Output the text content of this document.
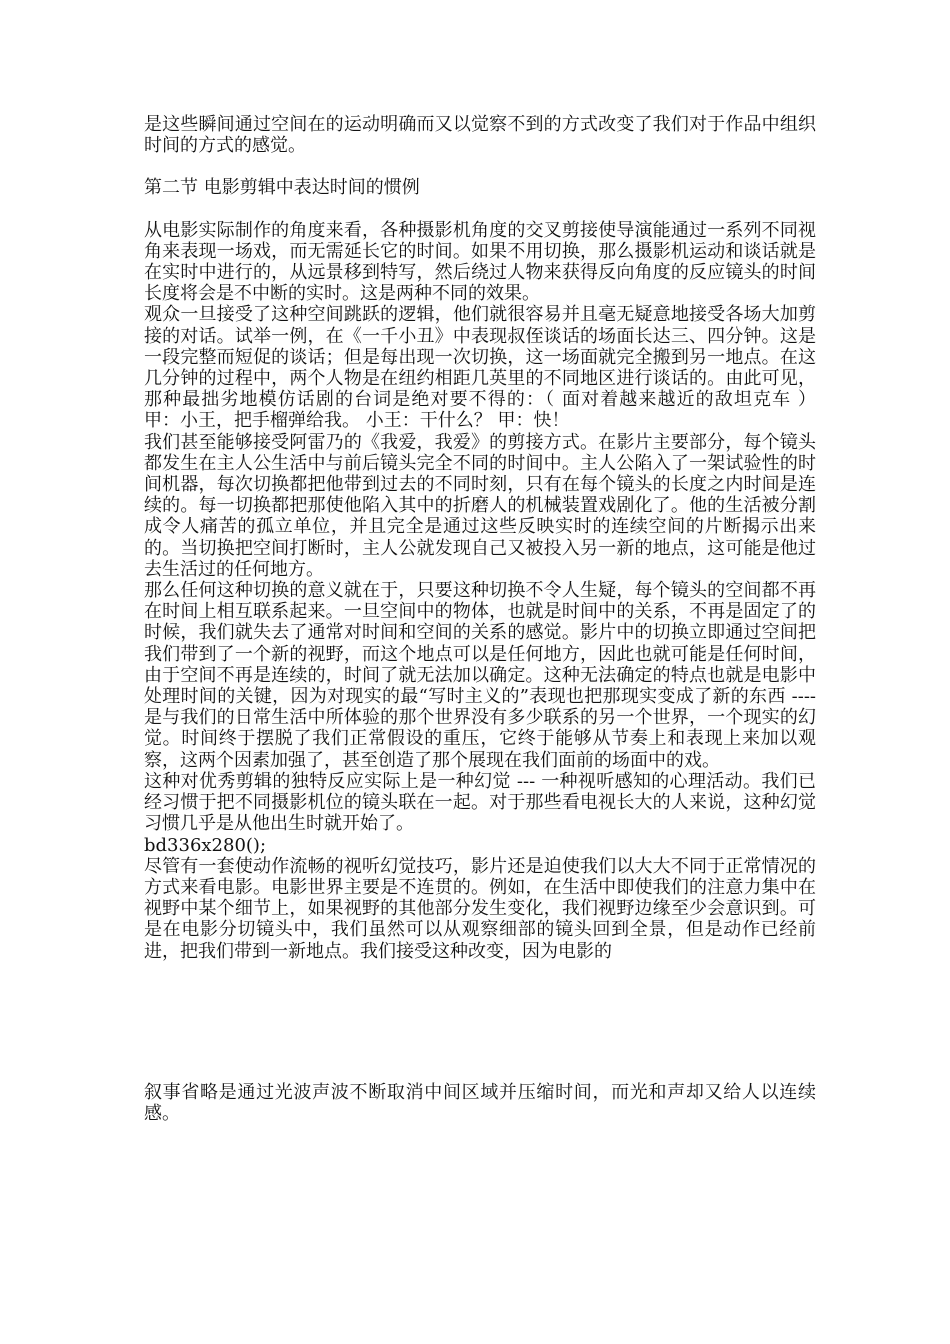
是这些瞬间通过空间在的运动明确而又以觉察不到的方式改变了我们对于作品中组织时间的方式的感觉。

第二节 电影剪辑中表达时间的惯例

从电影实际制作的角度来看，各种摄影机角度的交叉剪接使导演能通过一系列不同视角来表现一场戏，而无需延长它的时间。如果不用切换，那么摄影机运动和谈话就是在实时中进行的，从远景移到特写，然后绕过人物来获得反向角度的反应镜头的时间长度将会是不中断的实时。这是两种不同的效果。

观众一旦接受了这种空间跳跃的逻辑，他们就很容易并且毫无疑意地接受各场大加剪接的对话。试举一例，在《一千小丑》中表现叔侄谈话的场面长达三、四分钟。这是一段完整而短促的谈话；但是每出现一次切换，这一场面就完全搬到另一地点。在这几分钟的过程中，两个人物是在纽约相距几英里的不同地区进行谈话的。由此可见，那种最拙劣地模仿话剧的台词是绝对要不得的：（ 面对着越来越近的敌坦克车 ） 甲：小王，把手榴弹给我。 小王：干什么？ 甲：快！

我们甚至能够接受阿雷乃的《我爱，我爱》的剪接方式。在影片主要部分，每个镜头都发生在主人公生活中与前后镜头完全不同的时间中。主人公陷入了一架试验性的时间机器，每次切换都把他带到过去的不同时刻，只有在每个镜头的长度之内时间是连续的。每一切换都把那使他陷入其中的折磨人的机械装置戏剧化了。他的生活被分割成令人痛苦的孤立单位，并且完全是通过这些反映实时的连续空间的片断揭示出来的。当切换把空间打断时，主人公就发现自己又被投入另一新的地点，这可能是他过去生活过的任何地方。

那么任何这种切换的意义就在于，只要这种切换不令人生疑，每个镜头的空间都不再在时间上相互联系起来。一旦空间中的物体，也就是时间中的关系，不再是固定了的时候，我们就失去了通常对时间和空间的关系的感觉。影片中的切换立即通过空间把我们带到了一个新的视野，而这个地点可以是任何地方，因此也就可能是任何时间，由于空间不再是连续的，时间了就无法加以确定。这种无法确定的特点也就是电影中处理时间的关键，因为对现实的最“写时主义的”表现也把那现实变成了新的东西 ---- 是与我们的日常生活中所体验的那个世界没有多少联系的另一个世界，一个现实的幻觉。时间终于摆脱了我们正常假设的重压，它终于能够从节奏上和表现上来加以观察，这两个因素加强了，甚至创造了那个展现在我们面前的场面中的戏。

这种对优秀剪辑的独特反应实际上是一种幻觉 --- 一种视听感知的心理活动。我们已经习惯于把不同摄影机位的镜头联在一起。对于那些看电视长大的人来说，这种幻觉习惯几乎是从他出生时就开始了。

bd336x280();

尽管有一套使动作流畅的视听幻觉技巧，影片还是迫使我们以大大不同于正常情况的方式来看电影。电影世界主要是不连贯的。例如，在生活中即使我们的注意力集中在视野中某个细节上，如果视野的其他部分发生变化，我们视野边缘至少会意识到。可是在电影分切镜头中，我们虽然可以从观察细部的镜头回到全景，但是动作已经前进，把我们带到一新地点。我们接受这种改变，因为电影的

叙事省略是通过光波声波不断取消中间区域并压缩时间，而光和声却又给人以连续感。
